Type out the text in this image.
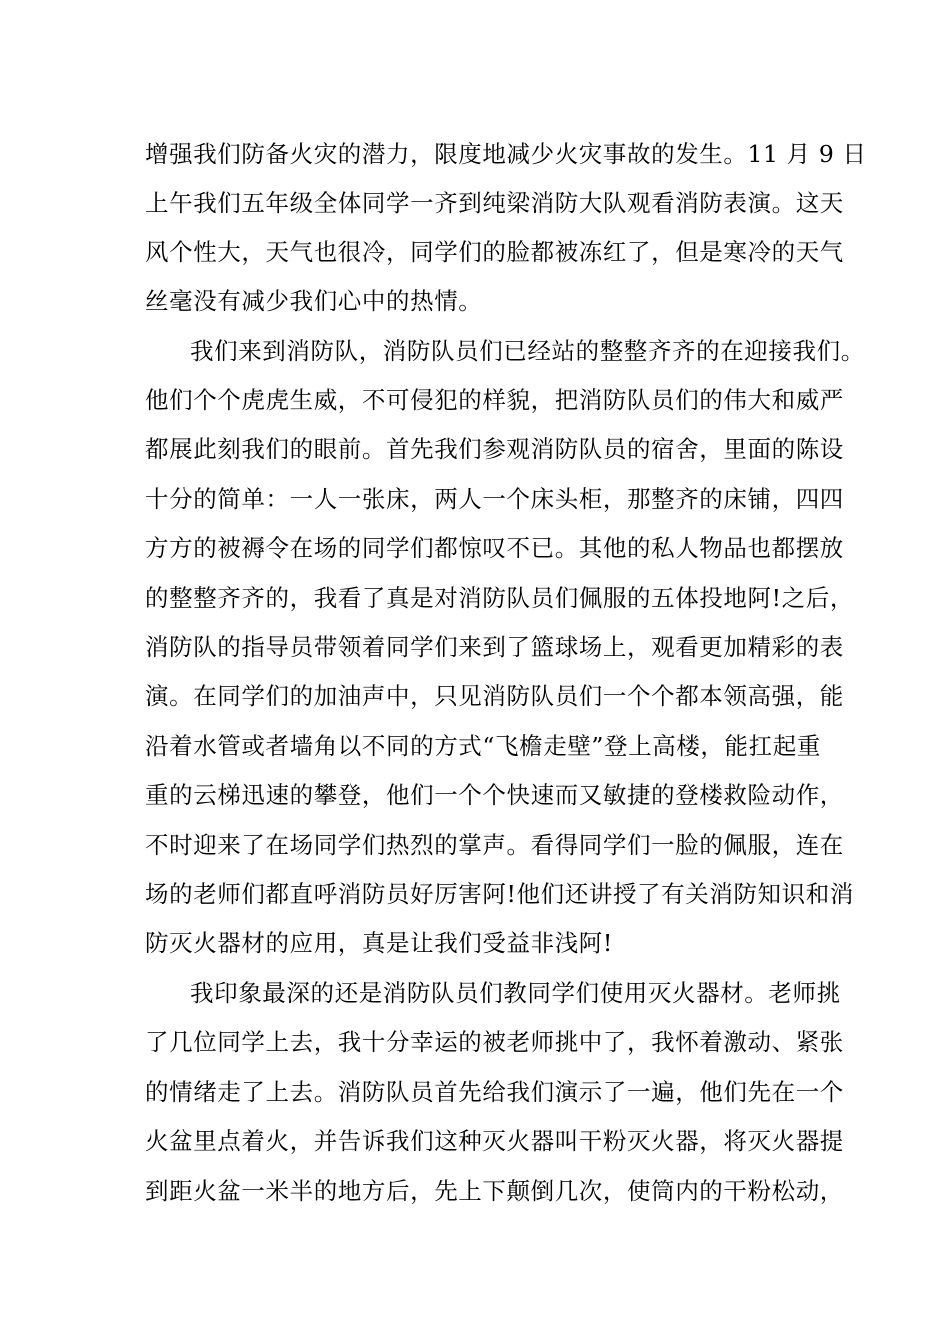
增强我们防备火灾的潜力，限度地减少火灾事故的发生。11 月 9 日
上午我们五年级全体同学一齐到纯梁消防大队观看消防表演。这天
风个性大，天气也很冷，同学们的脸都被冻红了，但是寒冷的天气
丝毫没有减少我们心中的热情。
我们来到消防队，消防队员们已经站的整整齐齐的在迎接我们。
他们个个虎虎生威，不可侵犯的样貌，把消防队员们的伟大和威严
都展此刻我们的眼前。首先我们参观消防队员的宿舍，里面的陈设
十分的简单：一人一张床，两人一个床头柜，那整齐的床铺，四四
方方的被褥令在场的同学们都惊叹不已。其他的私人物品也都摆放
的整整齐齐的，我看了真是对消防队员们佩服的五体投地阿!之后，
消防队的指导员带领着同学们来到了篮球场上，观看更加精彩的表
演。在同学们的加油声中，只见消防队员们一个个都本领高强，能
沿着水管或者墙角以不同的方式“飞檐走壁”登上高楼，能扛起重
重的云梯迅速的攀登，他们一个个快速而又敏捷的登楼救险动作，
不时迎来了在场同学们热烈的掌声。看得同学们一脸的佩服，连在
场的老师们都直呼消防员好厉害阿!他们还讲授了有关消防知识和消
防灭火器材的应用，真是让我们受益非浅阿!
我印象最深的还是消防队员们教同学们使用灭火器材。老师挑
了几位同学上去，我十分幸运的被老师挑中了，我怀着激动、紧张
的情绪走了上去。消防队员首先给我们演示了一遍，他们先在一个
火盆里点着火，并告诉我们这种灭火器叫干粉灭火器，将灭火器提
到距火盆一米半的地方后，先上下颠倒几次，使筒内的干粉松动，
